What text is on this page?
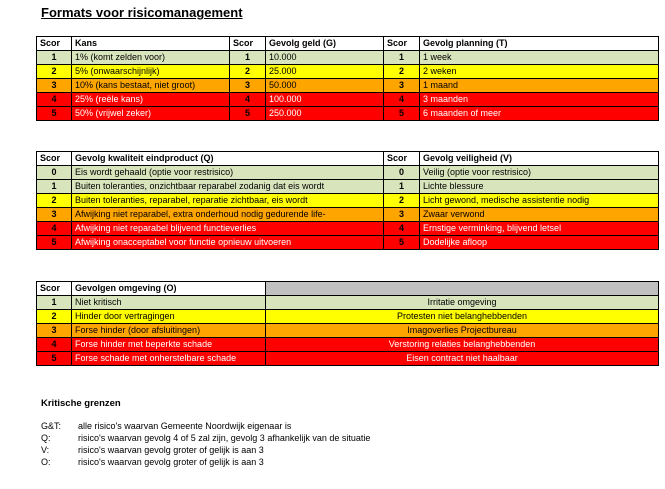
Formats voor risicomanagement
Scor	Kans	Scor	Gevolg geld (G)	Scor	Gevolg planning (T)
1	1% (komt zelden voor)	1	10.000	1	1 week
2	5% (onwaarschijnlijk)	2	25.000	2	2 weken
3	10% (kans bestaat, niet groot)	3	50.000	3	1 maand
4	25% (reële kans)	4	100.000	4	3 maanden
5	50% (vrijwel zeker)	5	250.000	5	6 maanden of meer
Scor	Gevolg kwaliteit eindproduct (Q)	Scor	Gevolg veiligheid (V)
0	Eis wordt gehaald (optie voor restrisico)	0	Veilig (optie voor restrisico)
1	Buiten toleranties, onzichtbaar reparabel zodanig dat eis wordt	1	Lichte blessure
2	Buiten toleranties, reparabel, reparatie zichtbaar, eis wordt	2	Licht gewond, medische assistentie nodig
3	Afwijking niet reparabel, extra onderhoud nodig gedurende life-	3	Zwaar verwond
4	Afwijking niet reparabel blijvend functieverlies	4	Ernstige verminking, blijvend letsel
5	Afwijking onacceptabel voor functie opnieuw uitvoeren	5	Dodelijke afloop
Scor	Gevolgen omgeving (O)	
1	Niet kritisch	Irritatie omgeving
2	Hinder door vertragingen	Protesten niet belanghebbenden
3	Forse hinder (door afsluitingen)	Imagoverlies Projectbureau
4	Forse hinder met beperkte schade	Verstoring relaties belanghebbenden
5	Forse schade met onherstelbare schade	Eisen contract niet haalbaar
Kritische grenzen
G&T:	alle risico's waarvan Gemeente Noordwijk eigenaar is
Q:	risico's waarvan gevolg 4 of 5 zal zijn, gevolg 3 afhankelijk van de situatie
V:	risico's waarvan gevolg groter of gelijk is aan 3
O:	risico's waarvan gevolg groter of gelijk is aan 3
